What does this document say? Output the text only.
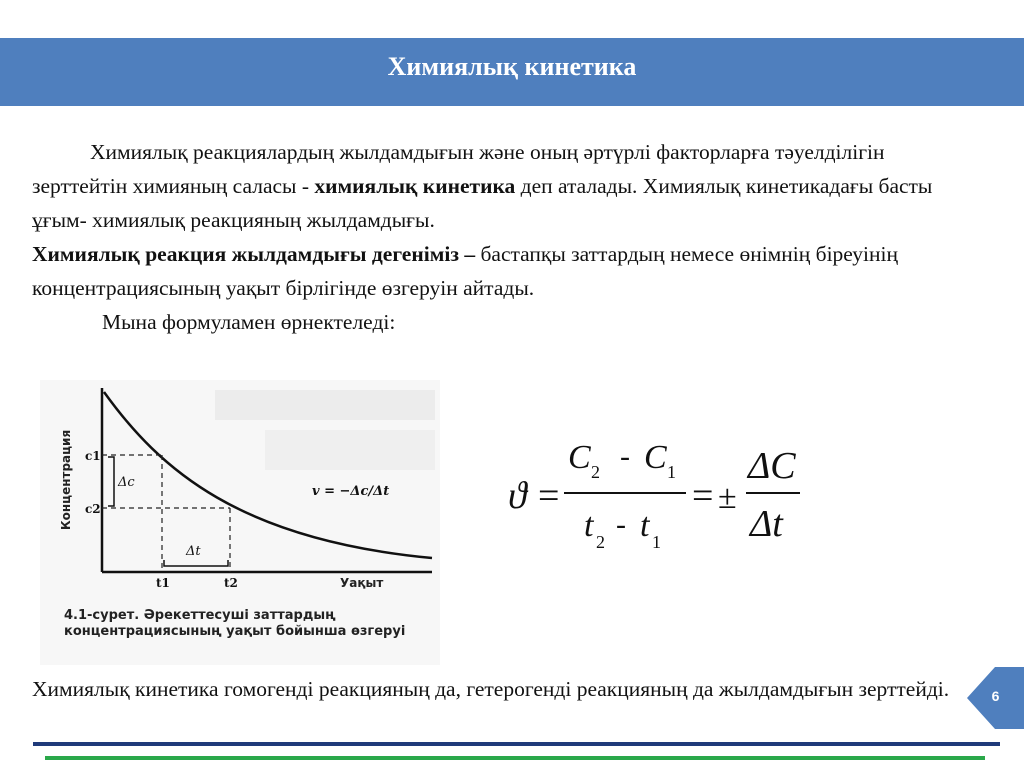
Химиялық кинетика

Химиялық реакциялардың жылдамдығын және оның әртүрлі факторларға тәуелділігін зерттейтін химияның саласы - химиялық кинетика деп аталады. Химиялық кинетикадағы басты ұғым- химиялық реакцияның жылдамдығы.

Химиялық реакция жылдамдығы дегеніміз – бастапқы заттардың немесе өнімнің біреуінің концентрациясының уақыт бірлігінде өзгеруін айтады.

Мына формуламен өрнектеледі:

Концентрация c1
c2
Δc
Δt
t1	t2	Уақыт
v = −Δc/Δt
4.1-сурет. Әрекеттесуші заттардың концентрациясының уақыт бойынша өзгеруі
ϑ =
C 2 - C 1
t 2
- t 1
= ±
ΔC
Δt
Химиялық кинетика гомогенді реакцияның да, гетерогенді реакцияның да жылдамдығын зерттейді.	6
